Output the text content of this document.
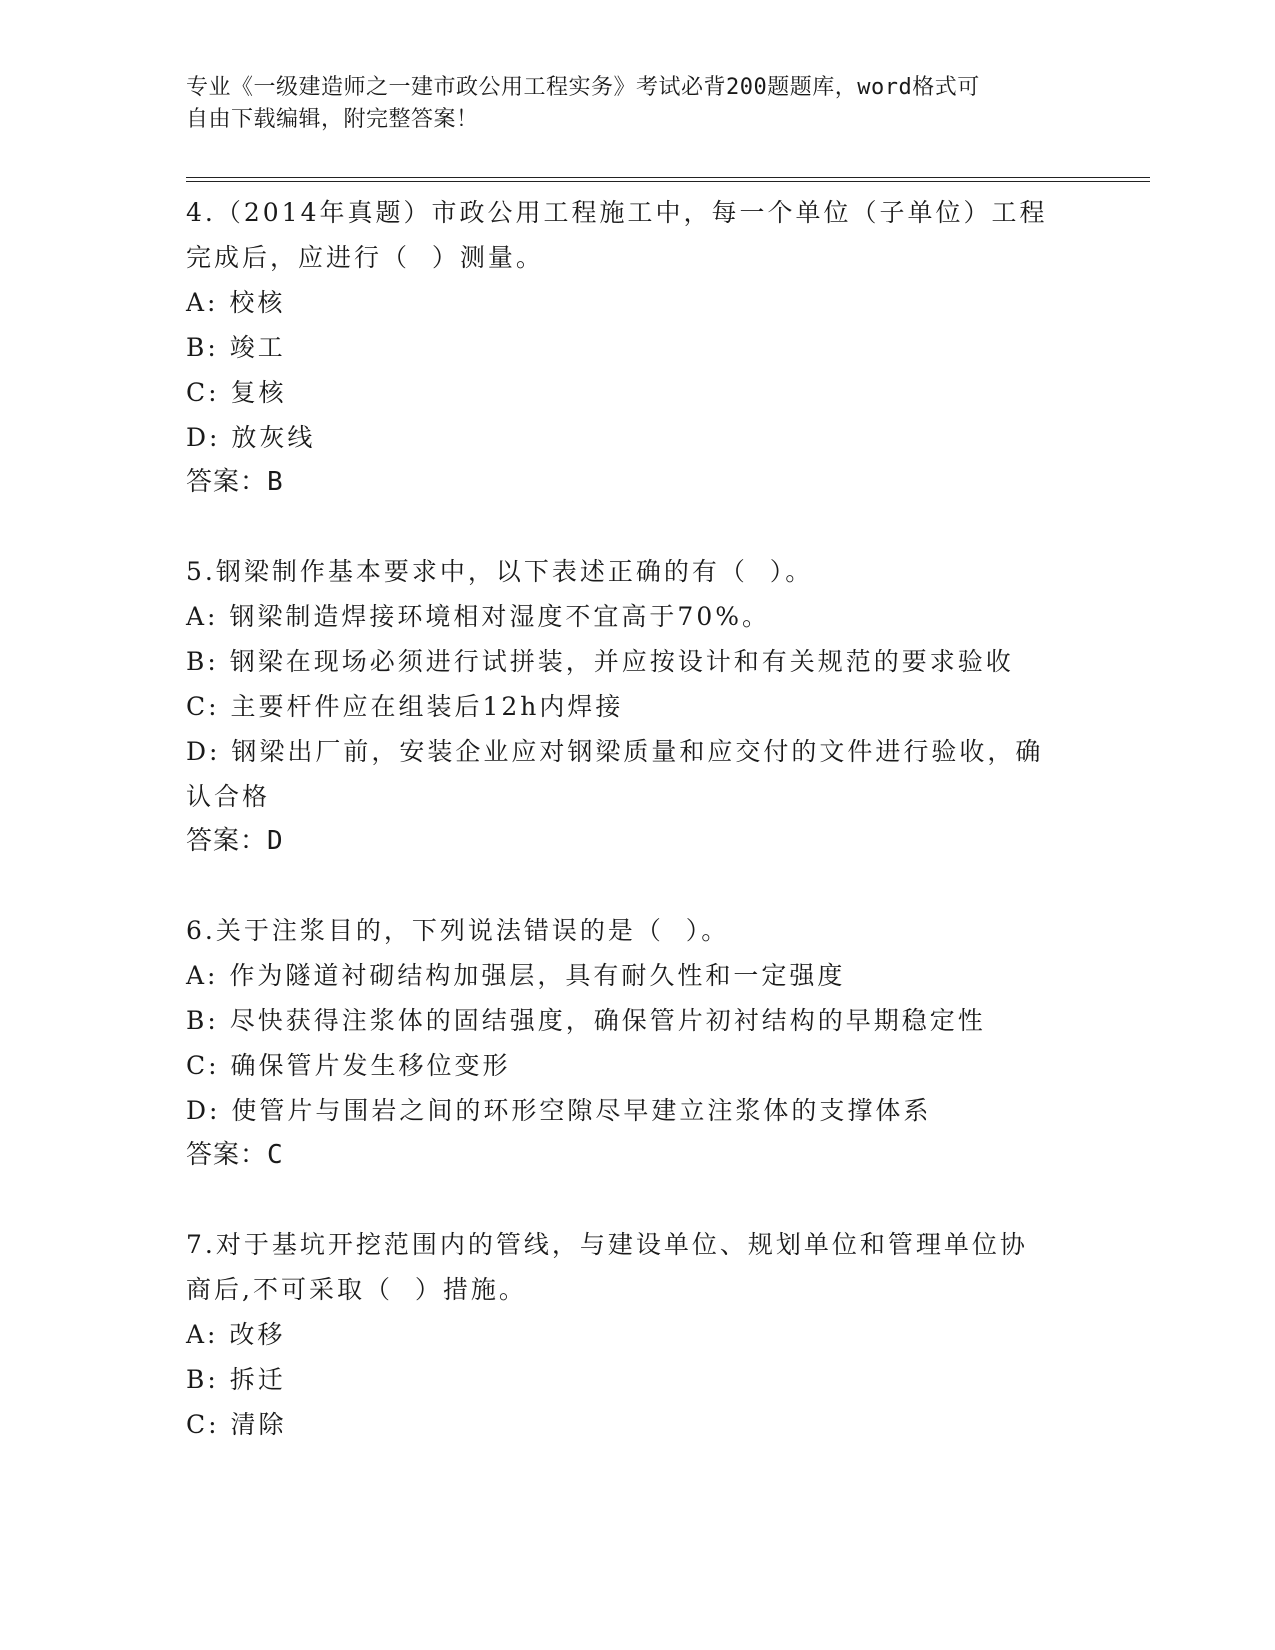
专业《一级建造师之一建市政公用工程实务》考试必背200题题库，word格式可
自由下载编辑，附完整答案！
4.（2014年真题）市政公用工程施工中，每一个单位（子单位）工程
完成后，应进行（  ）测量。
A: 校核
B: 竣工
C: 复核
D: 放灰线
答案：B
5.钢梁制作基本要求中，以下表述正确的有（  ）。
A: 钢梁制造焊接环境相对湿度不宜高于70%。
B: 钢梁在现场必须进行试拼装，并应按设计和有关规范的要求验收
C: 主要杆件应在组装后12h内焊接
D: 钢梁出厂前，安装企业应对钢梁质量和应交付的文件进行验收，确
认合格
答案：D
6.关于注浆目的，下列说法错误的是（  ）。
A: 作为隧道衬砌结构加强层，具有耐久性和一定强度
B: 尽快获得注浆体的固结强度，确保管片初衬结构的早期稳定性
C: 确保管片发生移位变形
D: 使管片与围岩之间的环形空隙尽早建立注浆体的支撑体系
答案：C
7.对于基坑开挖范围内的管线，与建设单位、规划单位和管理单位协
商后,不可采取（  ）措施。
A: 改移
B: 拆迁
C: 清除
